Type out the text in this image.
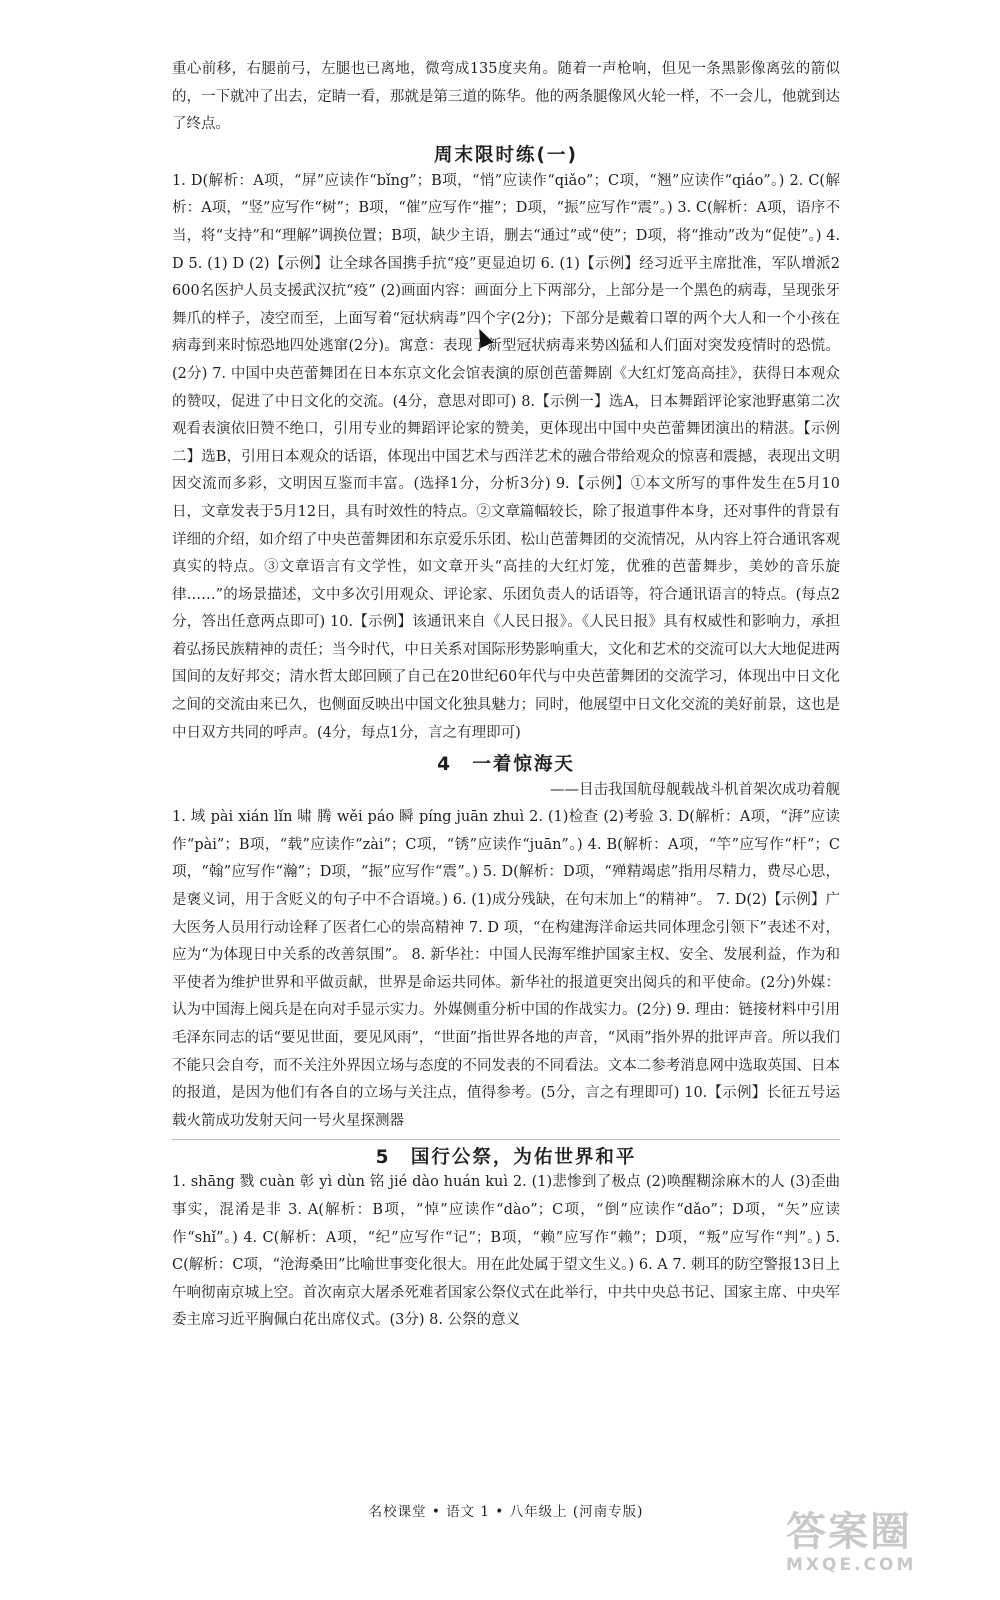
重心前移，右腿前弓，左腿也已离地，微弯成135度夹角。随着一声枪响，但见一条黑影像离弦的箭似的，一下就冲了出去，定睛一看，那就是第三道的陈华。他的两条腿像风火轮一样，不一会儿，他就到达了终点。

周末限时练(一)

1. D(解析：A项，“屏”应读作“bǐng”；B项，“悄”应读作“qiǎo”；C项，“翘”应读作“qiáo”。) 2. C(解析：A项，“竖”应写作“树”；B项，“催”应写作“摧”；D项，“振”应写作“震”。) 3. C(解析：A项，语序不当，将“支持”和“理解”调换位置；B项，缺少主语，删去“通过”或“使”；D项，将“推动”改为“促使”。) 4. D 5. (1) D (2)【示例】让全球各国携手抗“疫”更显迫切 6. (1)【示例】经习近平主席批准，军队增派2 600名医护人员支援武汉抗“疫” (2)画面内容：画面分上下两部分，上部分是一个黑色的病毒，呈现张牙舞爪的样子，凌空而至，上面写着“冠状病毒”四个字(2分)；下部分是戴着口罩的两个大人和一个小孩在病毒到来时惊恐地四处逃窜(2分)。寓意：表现了新型冠状病毒来势凶猛和人们面对突发疫情时的恐慌。(2分) 7. 中国中央芭蕾舞团在日本东京文化会馆表演的原创芭蕾舞剧《大红灯笼高高挂》，获得日本观众的赞叹，促进了中日文化的交流。(4分，意思对即可) 8.【示例一】选A，日本舞蹈评论家池野惠第二次观看表演依旧赞不绝口，引用专业的舞蹈评论家的赞美，更体现出中国中央芭蕾舞团演出的精湛。【示例二】选B，引用日本观众的话语，体现出中国艺术与西洋艺术的融合带给观众的惊喜和震撼，表现出文明因交流而多彩，文明因互鉴而丰富。(选择1分，分析3分) 9.【示例】①本文所写的事件发生在5月10日，文章发表于5月12日，具有时效性的特点。②文章篇幅较长，除了报道事件本身，还对事件的背景有详细的介绍，如介绍了中央芭蕾舞团和东京爱乐乐团、松山芭蕾舞团的交流情况，从内容上符合通讯客观真实的特点。③文章语言有文学性，如文章开头“高挂的大红灯笼，优雅的芭蕾舞步，美妙的音乐旋律……”的场景描述，文中多次引用观众、评论家、乐团负责人的话语等，符合通讯语言的特点。(每点2分，答出任意两点即可) 10.【示例】该通讯来自《人民日报》。《人民日报》具有权威性和影响力，承担着弘扬民族精神的责任；当今时代，中日关系对国际形势影响重大，文化和艺术的交流可以大大地促进两国间的友好邦交；清水哲太郎回顾了自己在20世纪60年代与中央芭蕾舞团的交流学习，体现出中日文化之间的交流由来已久，也侧面反映出中国文化独具魅力；同时，他展望中日文化交流的美好前景，这也是中日双方共同的呼声。(4分，每点1分，言之有理即可)

4　一着惊海天

——目击我国航母舰载战斗机首架次成功着舰

1. 域 pài xián lǐn 啸 腾 wěi páo 瞬 píng juān zhuì 2. (1)检查 (2)考验 3. D(解析：A项，“湃”应读作“pài”；B项，“载”应读作“zài”；C项，“锈”应读作“juān”。) 4. B(解析：A项，“竿”应写作“杆”；C项，“翰”应写作“瀚”；D项，“振”应写作“震”。) 5. D(解析：D项，“殚精竭虑”指用尽精力，费尽心思，是褒义词，用于含贬义的句子中不合语境。) 6. (1)成分残缺，在句末加上“的精神”。 7. D(2)【示例】广大医务人员用行动诠释了医者仁心的崇高精神 7. D 项，“在构建海洋命运共同体理念引领下”表述不对，应为“为体现日中关系的改善氛围”。 8. 新华社：中国人民海军维护国家主权、安全、发展利益，作为和平使者为维护世界和平做贡献，世界是命运共同体。新华社的报道更突出阅兵的和平使命。(2分)外媒：认为中国海上阅兵是在向对手显示实力。外媒侧重分析中国的作战实力。(2分) 9. 理由：链接材料中引用毛泽东同志的话“要见世面，要见风雨”，“世面”指世界各地的声音，“风雨”指外界的批评声音。所以我们不能只会自夸，而不关注外界因立场与态度的不同发表的不同看法。文本二参考消息网中选取英国、日本的报道，是因为他们有各自的立场与关注点，值得参考。(5分，言之有理即可) 10.【示例】长征五号运载火箭成功发射天问一号火星探测器

5　国行公祭，为佑世界和平

1. shāng 戮 cuàn 彰 yì dùn 铭 jié dào huán kuì 2. (1)悲惨到了极点 (2)唤醒糊涂麻木的人 (3)歪曲事实，混淆是非 3. A(解析：B项，“悼”应读作“dào”；C项，“倒”应读作“dǎo”；D项，“矢”应读作“shǐ”。) 4. C(解析：A项，“纪”应写作“记”；B项，“赖”应写作“赖”；D项，“叛”应写作“判”。) 5. C(解析：C项，“沧海桑田”比喻世事变化很大。用在此处属于望文生义。) 6. A 7. 刺耳的防空警报13日上午响彻南京城上空。首次南京大屠杀死难者国家公祭仪式在此举行，中共中央总书记、国家主席、中央军委主席习近平胸佩白花出席仪式。(3分) 8. 公祭的意义

名校课堂 • 语文 1 • 八年级上 (河南专版)	答案圈
MXQE.COM
